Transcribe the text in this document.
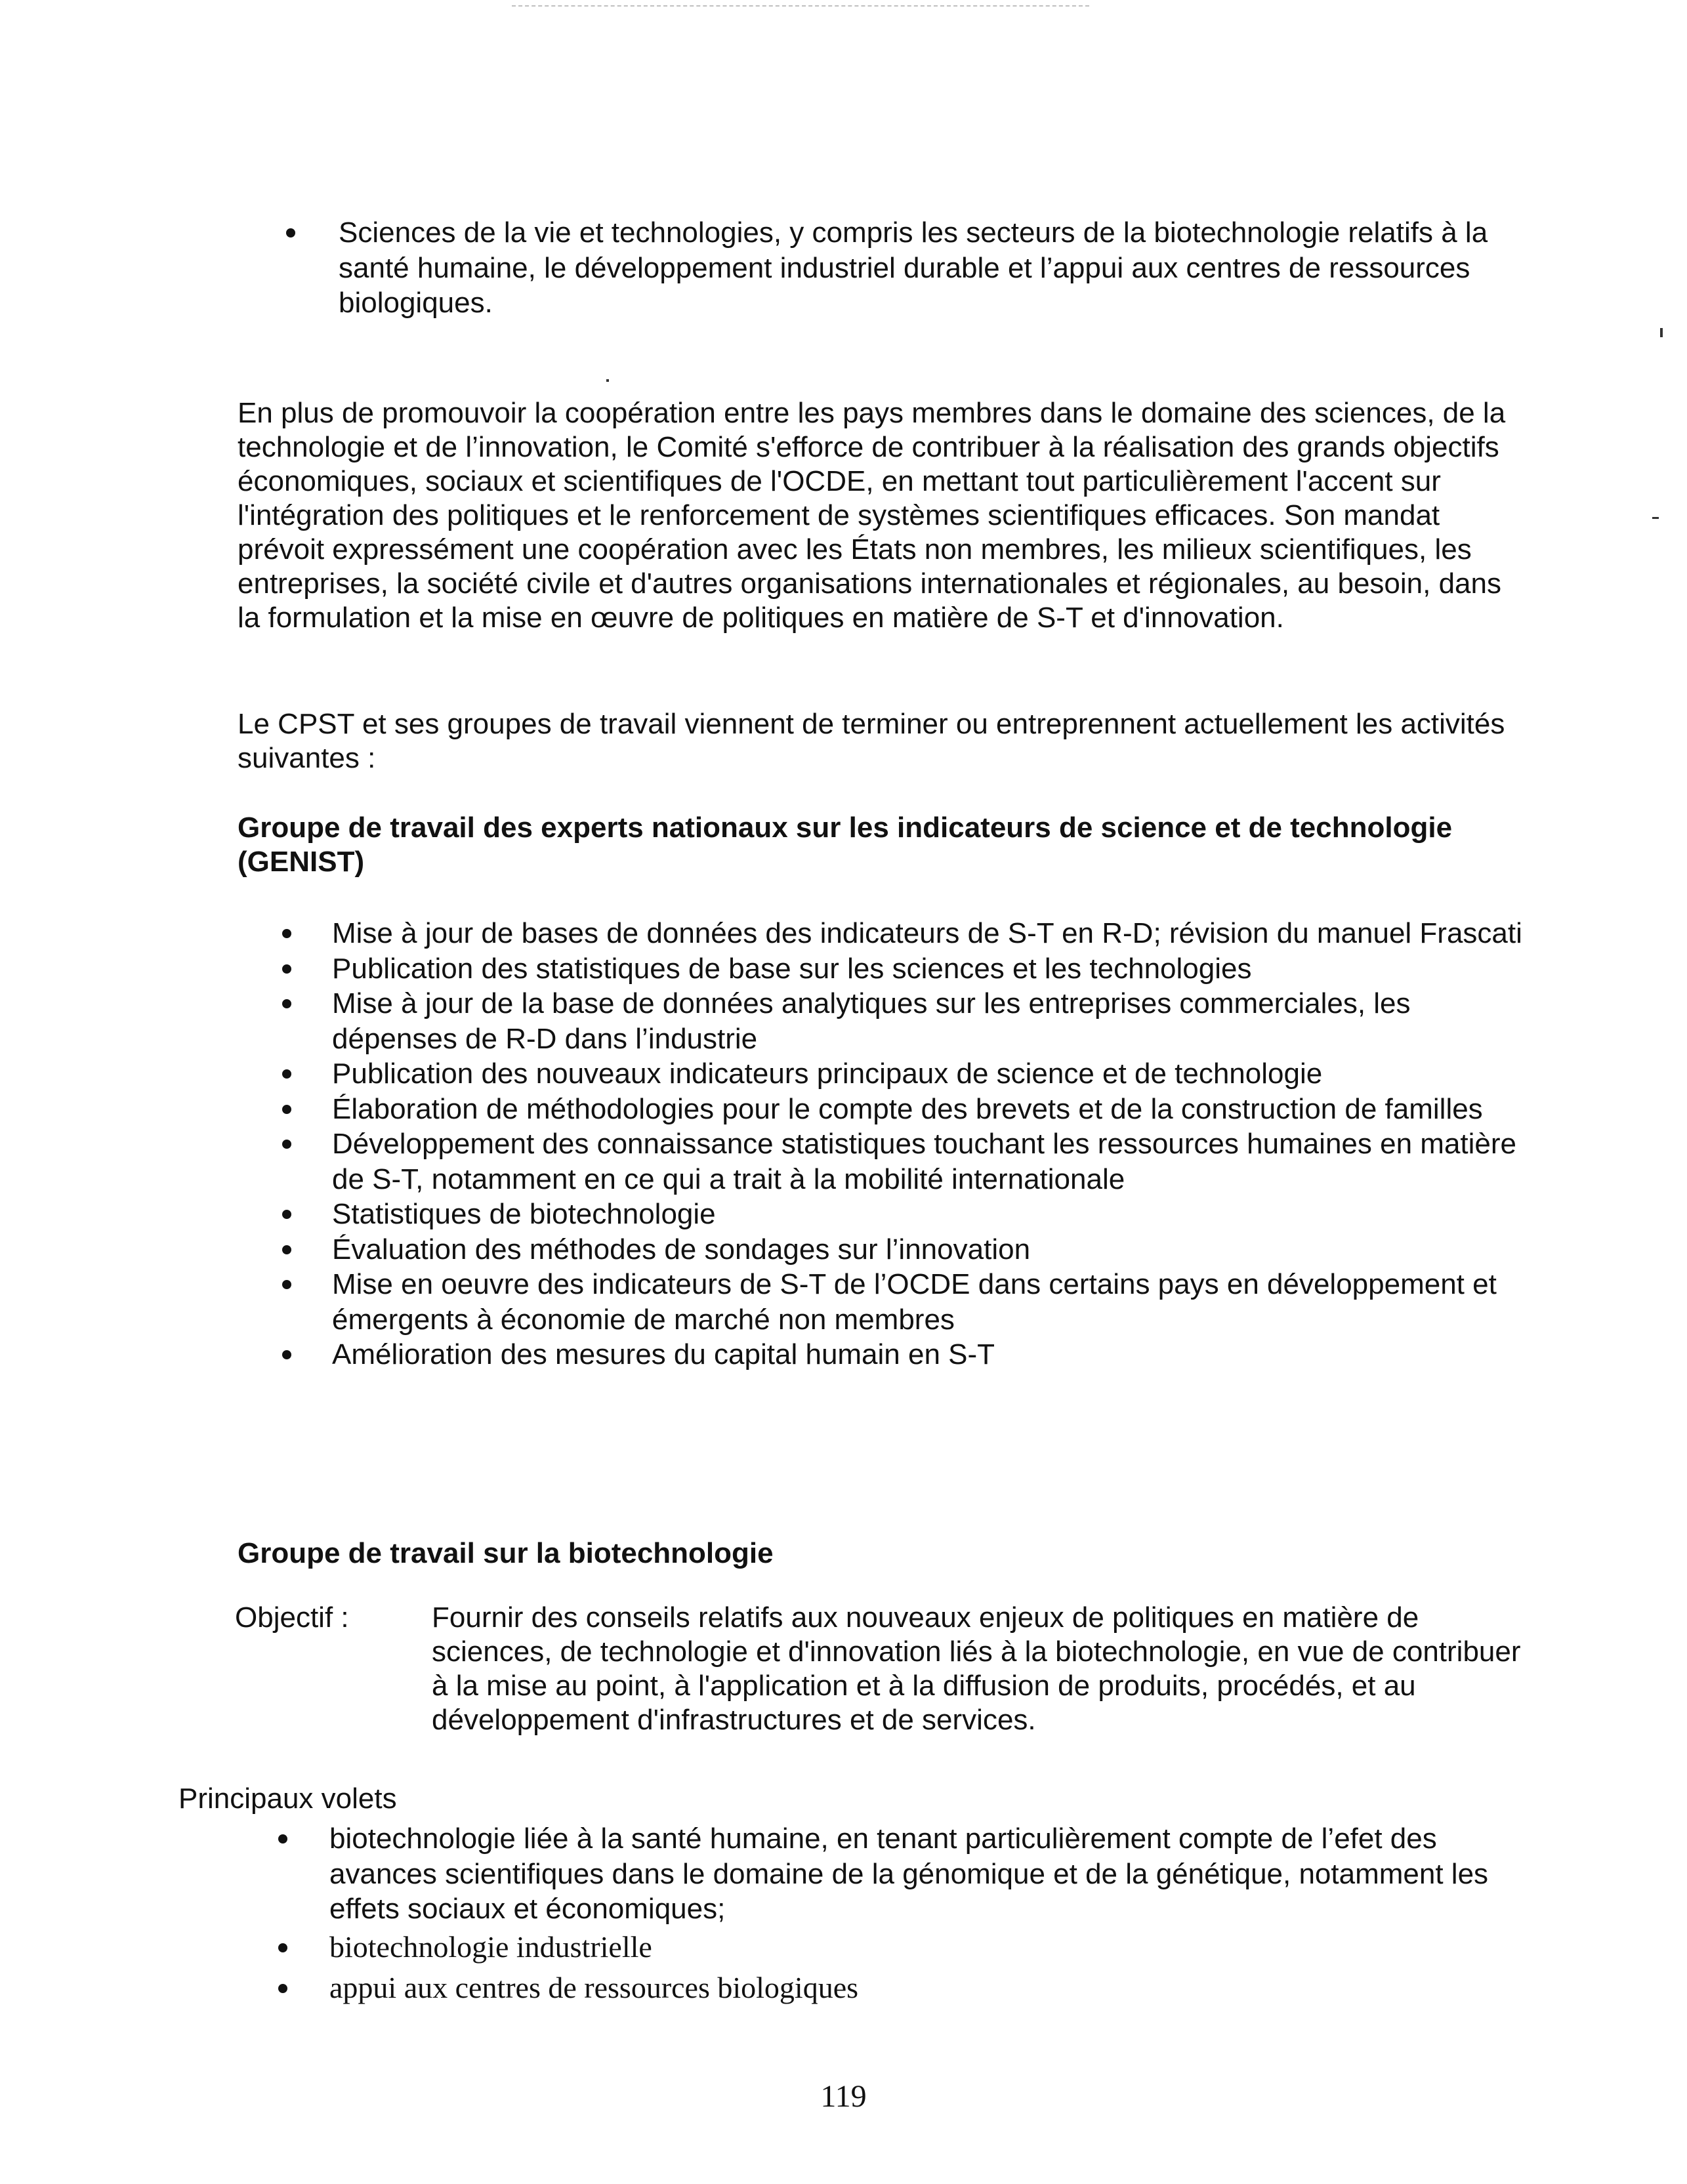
Sciences de la vie et technologies, y compris les secteurs de la biotechnologie relatifs à la santé humaine, le développement industriel durable et l’appui aux centres de ressources biologiques.

En plus de promouvoir la coopération entre les pays membres dans le domaine des sciences, de la technologie et de l’innovation, le Comité s'efforce de contribuer à la réalisation des grands objectifs économiques, sociaux et scientifiques de l'OCDE, en mettant tout particulièrement l'accent sur l'intégration des politiques et le renforcement de systèmes scientifiques efficaces. Son mandat prévoit expressément une coopération avec les États non membres, les milieux scientifiques, les entreprises, la société civile et d'autres organisations internationales et régionales, au besoin, dans la formulation et la mise en œuvre de politiques en matière de S-T et d'innovation.

Le CPST et ses groupes de travail viennent de terminer ou entreprennent actuellement les activités suivantes :

Groupe de travail des experts nationaux sur les indicateurs de science et de technologie (GENIST)
Mise à jour de bases de données des indicateurs de S-T en R-D; révision du manuel Frascati
Publication des statistiques de base sur les sciences et les technologies
Mise à jour de la base de données analytiques sur les entreprises commerciales, les dépenses de R-D dans l’industrie
Publication des nouveaux indicateurs principaux de science et de technologie
Élaboration de méthodologies pour le compte des brevets et de la construction de familles
Développement des connaissance statistiques touchant les ressources humaines en matière de S-T, notamment en ce qui a trait à la mobilité internationale
Statistiques de biotechnologie
Évaluation des méthodes de sondages sur l’innovation
Mise en oeuvre des indicateurs de S-T de l’OCDE dans certains pays en développement et émergents à économie de marché non membres
Amélioration des mesures du capital humain en S-T
Groupe de travail sur la biotechnologie
Objectif :	Fournir des conseils relatifs aux nouveaux enjeux de politiques en matière de sciences, de technologie et d'innovation liés à la biotechnologie, en vue de contribuer à la mise au point, à l'application et à la diffusion de produits, procédés, et au développement d'infrastructures et de services.
Principaux volets
biotechnologie liée à la santé humaine, en tenant particulièrement compte de l’efet des avances scientifiques dans le domaine de la génomique et de la génétique, notamment les effets sociaux et économiques;
biotechnologie industrielle
appui aux centres de ressources biologiques
119
